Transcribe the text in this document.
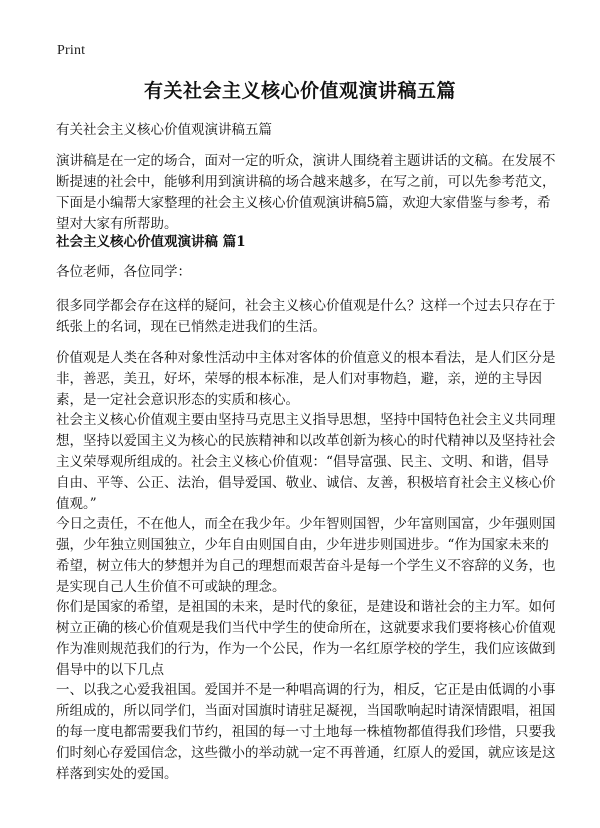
Print
有关社会主义核心价值观演讲稿五篇
有关社会主义核心价值观演讲稿五篇
演讲稿是在一定的场合，面对一定的听众，演讲人围绕着主题讲话的文稿。在发展不断提速的社会中，能够利用到演讲稿的场合越来越多，在写之前，可以先参考范文，下面是小编帮大家整理的社会主义核心价值观演讲稿5篇，欢迎大家借鉴与参考，希望对大家有所帮助。
社会主义核心价值观演讲稿 篇1
各位老师，各位同学：
很多同学都会存在这样的疑问，社会主义核心价值观是什么？这样一个过去只存在于纸张上的名词，现在已悄然走进我们的生活。
价值观是人类在各种对象性活动中主体对客体的价值意义的根本看法，是人们区分是非，善恶，美丑，好坏，荣辱的根本标准，是人们对事物趋，避，亲，逆的主导因素，是一定社会意识形态的实质和核心。
社会主义核心价值观主要由坚持马克思主义指导思想，坚持中国特色社会主义共同理想，坚持以爱国主义为核心的民族精神和以改革创新为核心的时代精神以及坚持社会主义荣辱观所组成的。社会主义核心价值观：“倡导富强、民主、文明、和谐，倡导自由、平等、公正、法治，倡导爱国、敬业、诚信、友善，积极培育社会主义核心价值观。”
今日之责任，不在他人，而全在我少年。少年智则国智，少年富则国富，少年强则国强，少年独立则国独立，少年自由则国自由，少年进步则国进步。“作为国家未来的希望，树立伟大的梦想并为自己的理想而艰苦奋斗是每一个学生义不容辞的义务，也是实现自己人生价值不可或缺的理念。
你们是国家的希望，是祖国的未来，是时代的象征，是建设和谐社会的主力军。如何树立正确的核心价值观是我们当代中学生的使命所在，这就要求我们要将核心价值观作为准则规范我们的行为，作为一个公民，作为一名红原学校的学生，我们应该做到倡导中的以下几点
一、以我之心爱我祖国。爱国并不是一种唱高调的行为，相反，它正是由低调的小事所组成的，所以同学们，当面对国旗时请驻足凝视，当国歌响起时请深情跟唱，祖国的每一度电都需要我们节约，祖国的每一寸土地每一株植物都值得我们珍惜，只要我们时刻心存爱国信念，这些微小的举动就一定不再普通，红原人的爱国，就应该是这样落到实处的爱国。
